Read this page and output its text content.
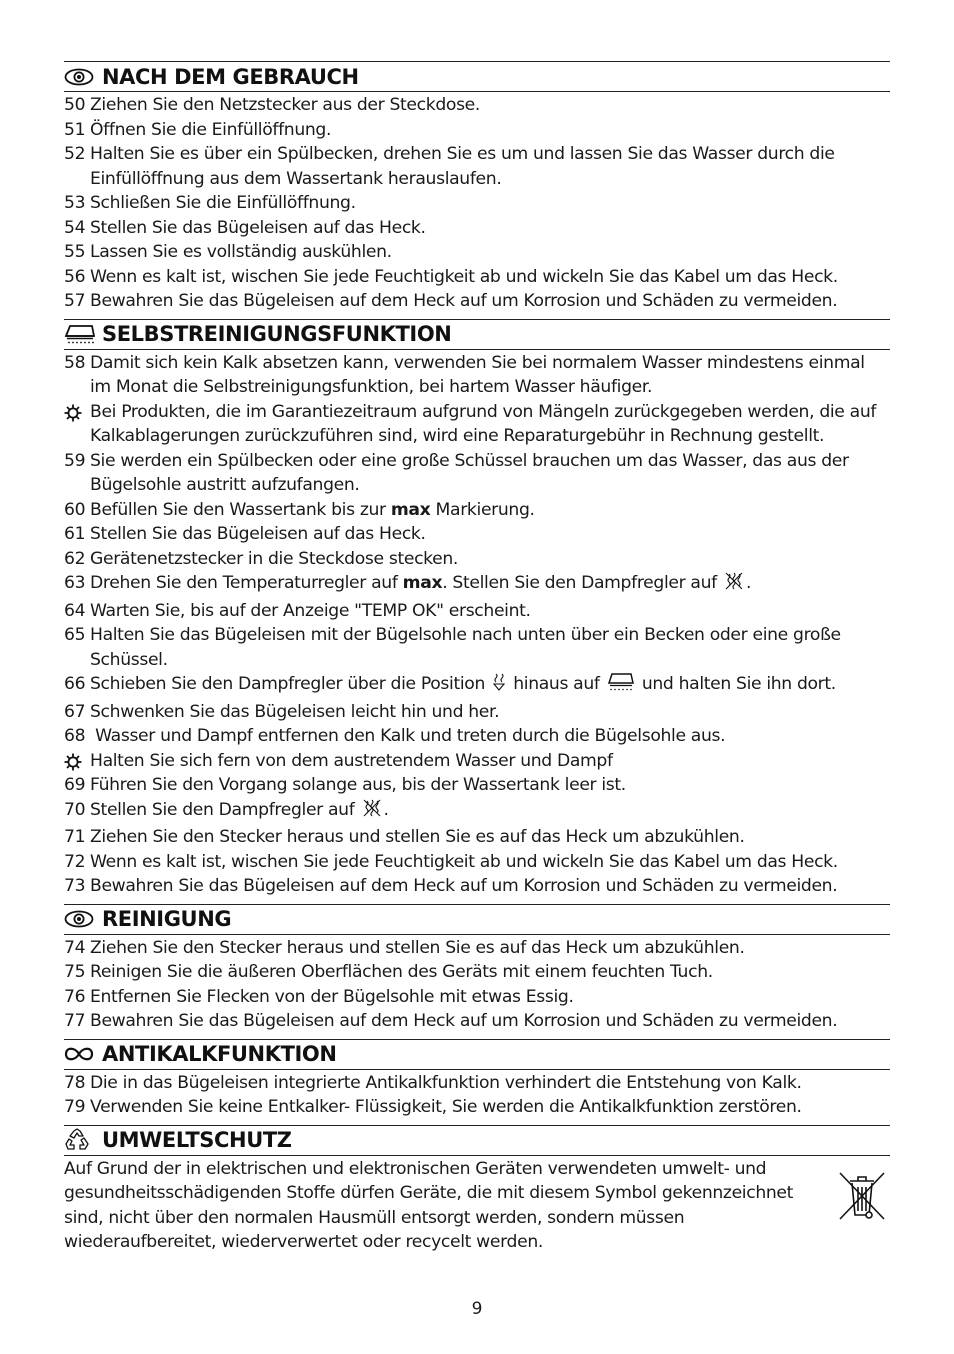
NACH DEM GEBRAUCH
50 Ziehen Sie den Netzstecker aus der Steckdose.
51 Öffnen Sie die Einfüllöffnung.
52 Halten Sie es über ein Spülbecken, drehen Sie es um und lassen Sie das Wasser durch die Einfüllöffnung aus dem Wassertank herauslaufen.
53 Schließen Sie die Einfüllöffnung.
54 Stellen Sie das Bügeleisen auf das Heck.
55 Lassen Sie es vollständig auskühlen.
56 Wenn es kalt ist, wischen Sie jede Feuchtigkeit ab und wickeln Sie das Kabel um das Heck.
57 Bewahren Sie das Bügeleisen auf dem Heck auf um Korrosion und Schäden zu vermeiden.
SELBSTREINIGUNGSFUNKTION
58 Damit sich kein Kalk absetzen kann, verwenden Sie bei normalem Wasser mindestens einmal im Monat die Selbstreinigungsfunktion, bei hartem Wasser häufiger.
Bei Produkten, die im Garantiezeitraum aufgrund von Mängeln zurückgegeben werden, die auf Kalkablagerungen zurückzuführen sind, wird eine Reparaturgebühr in Rechnung gestellt.
59 Sie werden ein Spülbecken oder eine große Schüssel brauchen um das Wasser, das aus der Bügelsohle austritt aufzufangen.
60 Befüllen Sie den Wassertank bis zur max Markierung.
61 Stellen Sie das Bügeleisen auf das Heck.
62 Gerätenetzstecker in die Steckdose stecken.
63 Drehen Sie den Temperaturregler auf max. Stellen Sie den Dampfregler auf .
64 Warten Sie, bis auf der Anzeige "TEMP OK" erscheint.
65 Halten Sie das Bügeleisen mit der Bügelsohle nach unten über ein Becken oder eine große Schüssel.
66 Schieben Sie den Dampfregler über die Position  hinaus auf  und halten Sie ihn dort.
67 Schwenken Sie das Bügeleisen leicht hin und her.
68 Wasser und Dampf entfernen den Kalk und treten durch die Bügelsohle aus.
Halten Sie sich fern von dem austretendem Wasser und Dampf
69 Führen Sie den Vorgang solange aus, bis der Wassertank leer ist.
70 Stellen Sie den Dampfregler auf .
71 Ziehen Sie den Stecker heraus und stellen Sie es auf das Heck um abzukühlen.
72 Wenn es kalt ist, wischen Sie jede Feuchtigkeit ab und wickeln Sie das Kabel um das Heck.
73 Bewahren Sie das Bügeleisen auf dem Heck auf um Korrosion und Schäden zu vermeiden.
REINIGUNG
74 Ziehen Sie den Stecker heraus und stellen Sie es auf das Heck um abzukühlen.
75 Reinigen Sie die äußeren Oberflächen des Geräts mit einem feuchten Tuch.
76 Entfernen Sie Flecken von der Bügelsohle mit etwas Essig.
77 Bewahren Sie das Bügeleisen auf dem Heck auf um Korrosion und Schäden zu vermeiden.
ANTIKALKFUNKTION
78 Die in das Bügeleisen integrierte Antikalkfunktion verhindert die Entstehung von Kalk.
79 Verwenden Sie keine Entkalker- Flüssigkeit, Sie werden die Antikalkfunktion zerstören.
UMWELTSCHUTZ
Auf Grund der in elektrischen und elektronischen Geräten verwendeten umwelt- und gesundheitsschädigenden Stoffe dürfen Geräte, die mit diesem Symbol gekennzeichnet sind, nicht über den normalen Hausmüll entsorgt werden, sondern müssen wiederaufbereitet, wiederverwertet oder recycelt werden.
9
